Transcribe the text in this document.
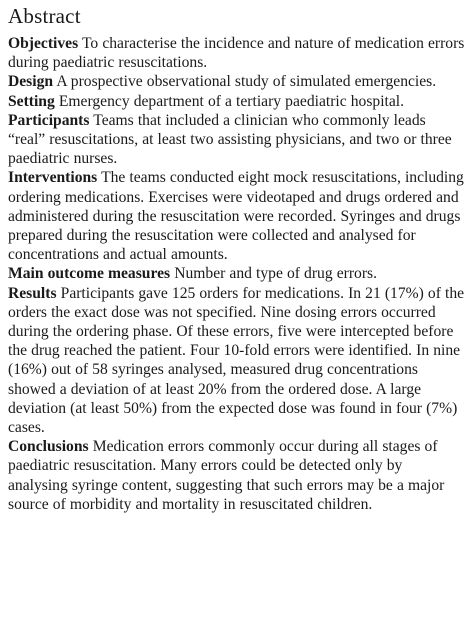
Abstract

Objectives To characterise the incidence and nature of medication errors during paediatric resuscitations.

Design A prospective observational study of simulated emergencies.

Setting Emergency department of a tertiary paediatric hospital.

Participants Teams that included a clinician who commonly leads “real” resuscitations, at least two assisting physicians, and two or three paediatric nurses.

Interventions The teams conducted eight mock resuscitations, including ordering medications. Exercises were videotaped and drugs ordered and administered during the resuscitation were recorded. Syringes and drugs prepared during the resuscitation were collected and analysed for concentrations and actual amounts.

Main outcome measures Number and type of drug errors.

Results Participants gave 125 orders for medications. In 21 (17%) of the orders the exact dose was not specified. Nine dosing errors occurred during the ordering phase. Of these errors, five were intercepted before the drug reached the patient. Four 10-fold errors were identified. In nine (16%) out of 58 syringes analysed, measured drug concentrations showed a deviation of at least 20% from the ordered dose. A large deviation (at least 50%) from the expected dose was found in four (7%) cases.

Conclusions Medication errors commonly occur during all stages of paediatric resuscitation. Many errors could be detected only by analysing syringe content, suggesting that such errors may be a major source of morbidity and mortality in resuscitated children.
